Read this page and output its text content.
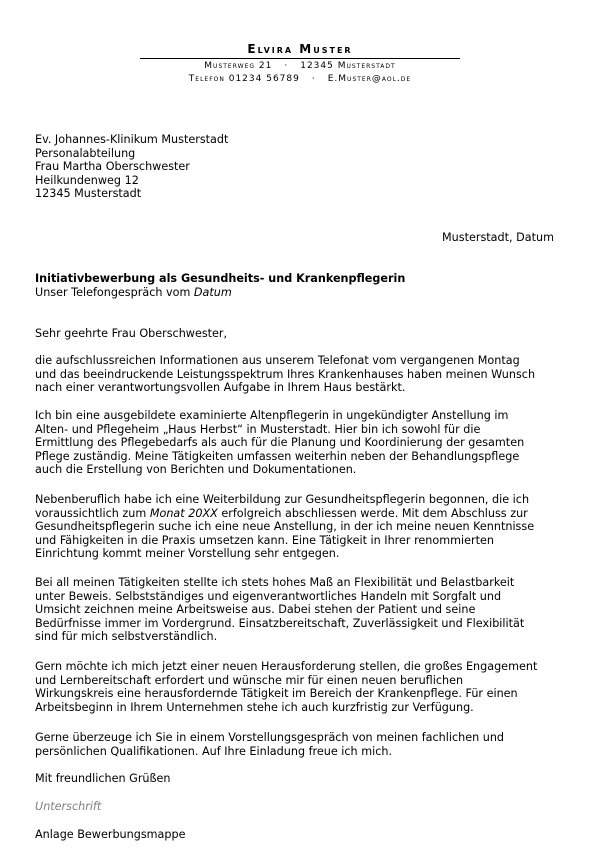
Elvira Muster
Musterweg 21 · 12345 Musterstadt
Telefon 01234 56789 · E.Muster@aol.de
Ev. Johannes-Klinikum Musterstadt
Personalabteilung
Frau Martha Oberschwester
Heilkundenweg 12
12345 Musterstadt
Musterstadt, Datum
Initiativbewerbung als Gesundheits- und Krankenpflegerin
Unser Telefongespräch vom Datum
Sehr geehrte Frau Oberschwester,
die aufschlussreichen Informationen aus unserem Telefonat vom vergangenen Montag
und das beeindruckende Leistungsspektrum Ihres Krankenhauses haben meinen Wunsch
nach einer verantwortungsvollen Aufgabe in Ihrem Haus bestärkt.
Ich bin eine ausgebildete examinierte Altenpflegerin in ungekündigter Anstellung im
Alten- und Pflegeheim „Haus Herbst“ in Musterstadt. Hier bin ich sowohl für die
Ermittlung des Pflegebedarfs als auch für die Planung und Koordinierung der gesamten
Pflege zuständig. Meine Tätigkeiten umfassen weiterhin neben der Behandlungspflege
auch die Erstellung von Berichten und Dokumentationen.
Nebenberuflich habe ich eine Weiterbildung zur Gesundheitspflegerin begonnen, die ich
voraussichtlich zum Monat 20XX erfolgreich abschliessen werde. Mit dem Abschluss zur
Gesundheitspflegerin suche ich eine neue Anstellung, in der ich meine neuen Kenntnisse
und Fähigkeiten in die Praxis umsetzen kann. Eine Tätigkeit in Ihrer renommierten
Einrichtung kommt meiner Vorstellung sehr entgegen.
Bei all meinen Tätigkeiten stellte ich stets hohes Maß an Flexibilität und Belastbarkeit
unter Beweis. Selbstständiges und eigenverantwortliches Handeln mit Sorgfalt und
Umsicht zeichnen meine Arbeitsweise aus. Dabei stehen der Patient und seine
Bedürfnisse immer im Vordergrund. Einsatzbereitschaft, Zuverlässigkeit und Flexibilität
sind für mich selbstverständlich.
Gern möchte ich mich jetzt einer neuen Herausforderung stellen, die großes Engagement
und Lernbereitschaft erfordert und wünsche mir für einen neuen beruflichen
Wirkungskreis eine herausfordernde Tätigkeit im Bereich der Krankenpflege. Für einen
Arbeitsbeginn in Ihrem Unternehmen stehe ich auch kurzfristig zur Verfügung.
Gerne überzeuge ich Sie in einem Vorstellungsgespräch von meinen fachlichen und
persönlichen Qualifikationen. Auf Ihre Einladung freue ich mich.
Mit freundlichen Grüßen
Unterschrift
Anlage Bewerbungsmappe
